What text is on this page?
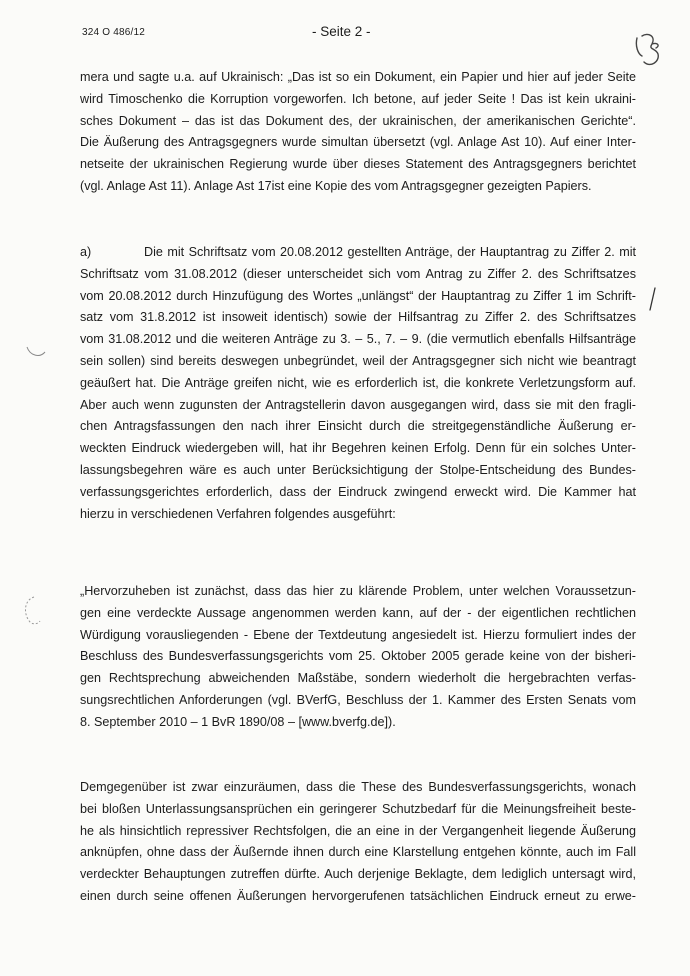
324 O 486/12	- Seite 2 -
mera und sagte u.a. auf Ukrainisch: „Das ist so ein Dokument, ein Papier und hier auf jeder Seite
wird Timoschenko die Korruption vorgeworfen. Ich betone, auf jeder Seite ! Das ist kein ukraini-
sches Dokument – das ist das Dokument des, der ukrainischen, der amerikanischen Gerichte“.
Die Äußerung des Antragsgegners wurde simultan übersetzt (vgl. Anlage Ast 10). Auf einer Inter-
netseite der ukrainischen Regierung wurde über dieses Statement des Antragsgegners berichtet
(vgl. Anlage Ast 11). Anlage Ast 17ist eine Kopie des vom Antragsgegner gezeigten Papiers.
a)	Die mit Schriftsatz vom 20.08.2012 gestellten Anträge, der Hauptantrag zu Ziffer 2. mit
Schriftsatz vom 31.08.2012 (dieser unterscheidet sich vom Antrag zu Ziffer 2. des Schriftsatzes
vom 20.08.2012 durch Hinzufügung des Wortes „unlängst“ der Hauptantrag zu Ziffer 1 im Schrift-
satz vom 31.8.2012 ist insoweit identisch) sowie der Hilfsantrag zu Ziffer 2. des Schriftsatzes
vom 31.08.2012 und die weiteren Anträge zu 3. – 5., 7. – 9. (die vermutlich ebenfalls Hilfsanträge
sein sollen) sind bereits deswegen unbegründet, weil der Antragsgegner sich nicht wie beantragt
geäußert hat. Die Anträge greifen nicht, wie es erforderlich ist, die konkrete Verletzungsform auf.
Aber auch wenn zugunsten der Antragstellerin davon ausgegangen wird, dass sie mit den fragli-
chen Antragsfassungen den nach ihrer Einsicht durch die streitgegenständliche Äußerung er-
weckten Eindruck wiedergeben will, hat ihr Begehren keinen Erfolg. Denn für ein solches Unter-
lassungsbegehren wäre es auch unter Berücksichtigung der Stolpe-Entscheidung des Bundes-
verfassungsgerichtes erforderlich, dass der Eindruck zwingend erweckt wird. Die Kammer hat
hierzu in verschiedenen Verfahren folgendes ausgeführt:
„Hervorzuheben ist zunächst, dass das hier zu klärende Problem, unter welchen Voraussetzun-
gen eine verdeckte Aussage angenommen werden kann, auf der - der eigentlichen rechtlichen
Würdigung vorausliegenden - Ebene der Textdeutung angesiedelt ist. Hierzu formuliert indes der
Beschluss des Bundesverfassungsgerichts vom 25. Oktober 2005 gerade keine von der bisheri-
gen Rechtsprechung abweichenden Maßstäbe, sondern wiederholt die hergebrachten verfas-
sungsrechtlichen Anforderungen (vgl. BVerfG, Beschluss der 1. Kammer des Ersten Senats vom
8. September 2010 – 1 BvR 1890/08 – [www.bverfg.de]).
Demgegenüber ist zwar einzuräumen, dass die These des Bundesverfassungsgerichts, wonach
bei bloßen Unterlassungsansprüchen ein geringerer Schutzbedarf für die Meinungsfreiheit beste-
he als hinsichtlich repressiver Rechtsfolgen, die an eine in der Vergangenheit liegende Äußerung
anknüpfen, ohne dass der Äußernde ihnen durch eine Klarstellung entgehen könnte, auch im Fall
verdeckter Behauptungen zutreffen dürfte. Auch derjenige Beklagte, dem lediglich untersagt wird,
einen durch seine offenen Äußerungen hervorgerufenen tatsächlichen Eindruck erneut zu erwe-
